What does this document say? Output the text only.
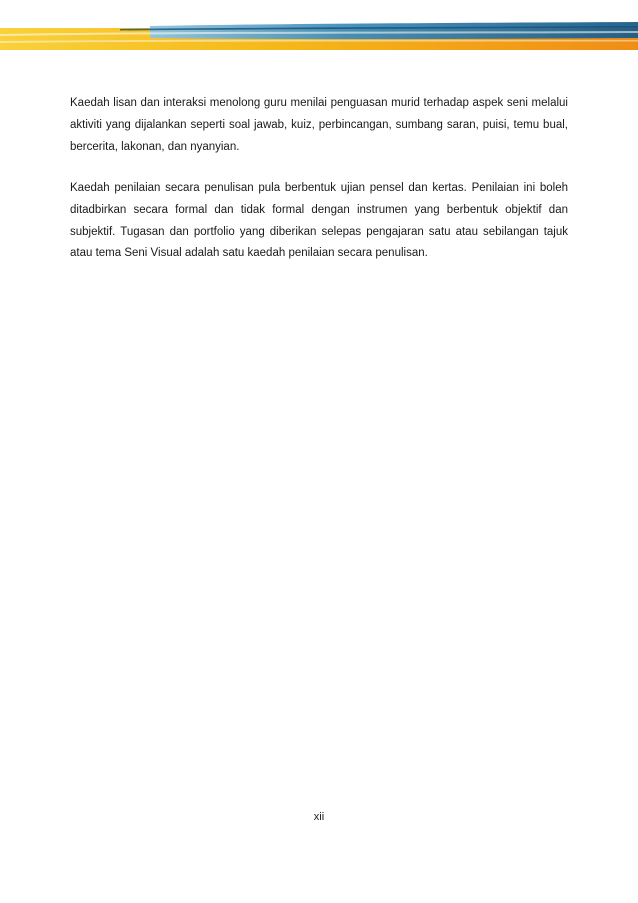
Kaedah lisan dan interaksi menolong guru menilai penguasan murid terhadap aspek seni melalui aktiviti yang dijalankan seperti soal jawab, kuiz, perbincangan, sumbang saran, puisi, temu bual, bercerita, lakonan, dan nyanyian.

Kaedah penilaian secara penulisan pula berbentuk ujian pensel dan kertas. Penilaian ini boleh ditadbirkan secara formal dan tidak formal dengan instrumen yang berbentuk objektif dan subjektif. Tugasan dan portfolio yang diberikan selepas pengajaran satu atau sebilangan tajuk atau tema Seni Visual adalah satu kaedah penilaian secara penulisan.

xii
